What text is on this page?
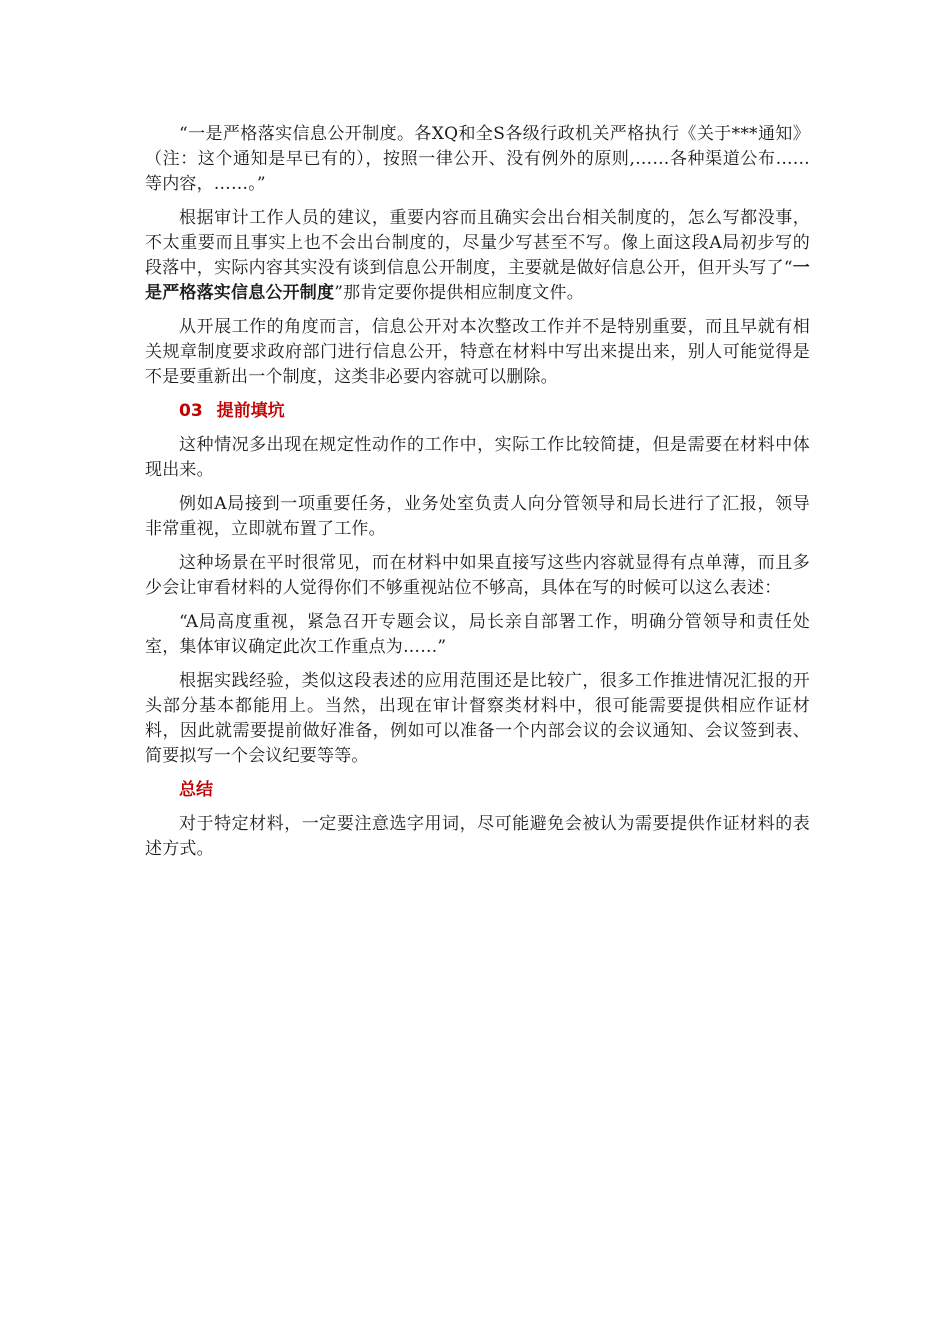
“一是严格落实信息公开制度。各XQ和全S各级行政机关严格执行《关于***通知》（注：这个通知是早已有的），按照一律公开、没有例外的原则,……各种渠道公布……等内容，……。”

根据审计工作人员的建议，重要内容而且确实会出台相关制度的，怎么写都没事，不太重要而且事实上也不会出台制度的，尽量少写甚至不写。像上面这段A局初步写的段落中，实际内容其实没有谈到信息公开制度，主要就是做好信息公开，但开头写了“一是严格落实信息公开制度”那肯定要你提供相应制度文件。

从开展工作的角度而言，信息公开对本次整改工作并不是特别重要，而且早就有相关规章制度要求政府部门进行信息公开，特意在材料中写出来提出来，别人可能觉得是不是要重新出一个制度，这类非必要内容就可以删除。

03 提前填坑

这种情况多出现在规定性动作的工作中，实际工作比较简捷，但是需要在材料中体现出来。

例如A局接到一项重要任务，业务处室负责人向分管领导和局长进行了汇报，领导非常重视，立即就布置了工作。

这种场景在平时很常见，而在材料中如果直接写这些内容就显得有点单薄，而且多少会让审看材料的人觉得你们不够重视站位不够高，具体在写的时候可以这么表述：

“A局高度重视，紧急召开专题会议，局长亲自部署工作，明确分管领导和责任处室，集体审议确定此次工作重点为……”

根据实践经验，类似这段表述的应用范围还是比较广，很多工作推进情况汇报的开头部分基本都能用上。当然，出现在审计督察类材料中，很可能需要提供相应作证材料，因此就需要提前做好准备，例如可以准备一个内部会议的会议通知、会议签到表、简要拟写一个会议纪要等等。

总结

对于特定材料，一定要注意选字用词，尽可能避免会被认为需要提供作证材料的表述方式。
